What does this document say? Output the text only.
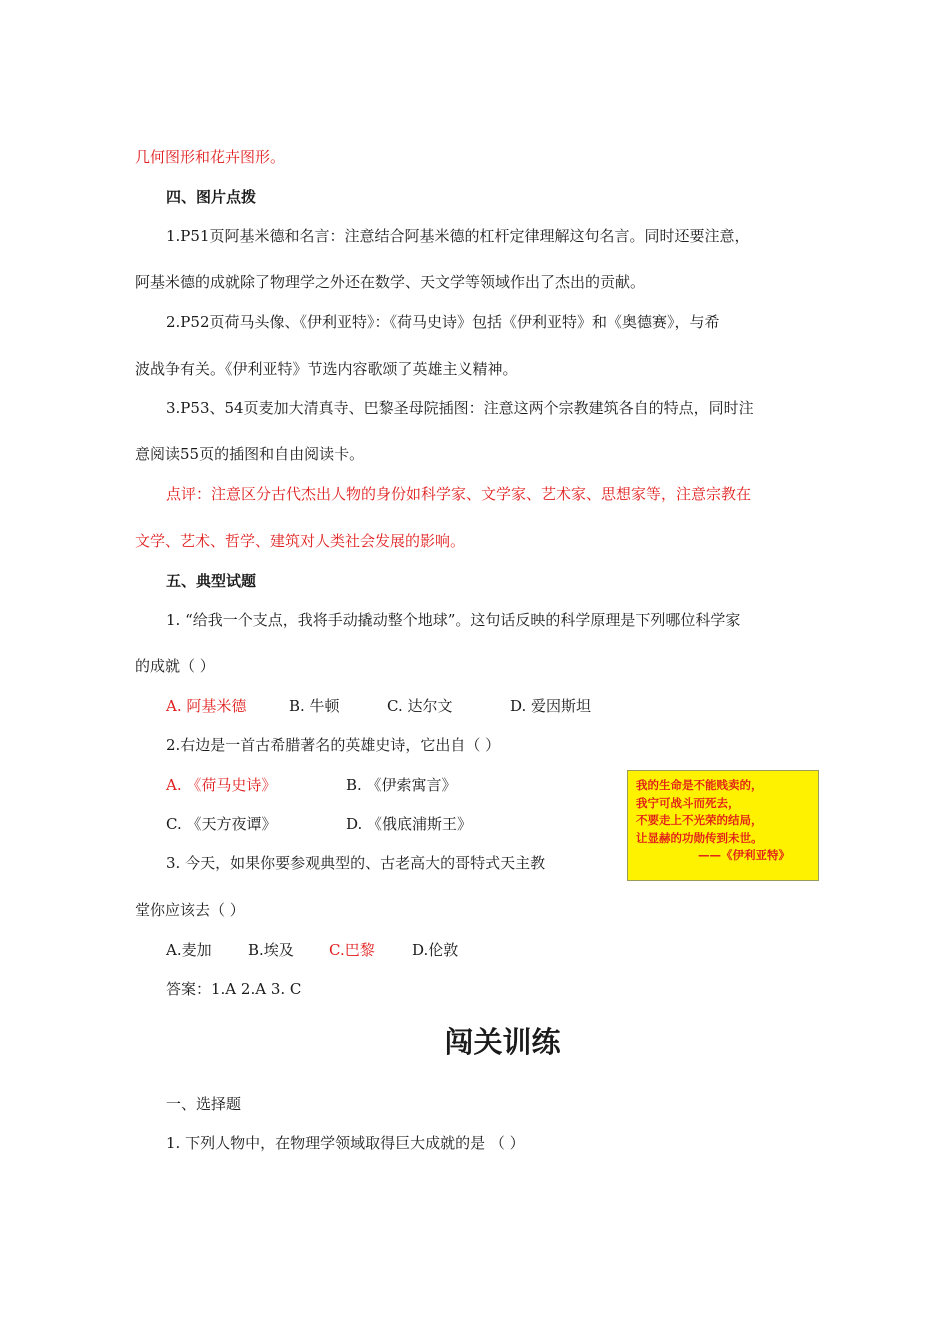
几何图形和花卉图形。
四、图片点拨
1.P51页阿基米德和名言：注意结合阿基米德的杠杆定律理解这句名言。同时还要注意，
阿基米德的成就除了物理学之外还在数学、天文学等领域作出了杰出的贡献。
2.P52页荷马头像、《伊利亚特》：《荷马史诗》包括《伊利亚特》和《奥德赛》，与希
波战争有关。《伊利亚特》节选内容歌颂了英雄主义精神。
3.P53、54页麦加大清真寺、巴黎圣母院插图：注意这两个宗教建筑各自的特点，同时注
意阅读55页的插图和自由阅读卡。
点评：注意区分古代杰出人物的身份如科学家、文学家、艺术家、思想家等，注意宗教在
文学、艺术、哲学、建筑对人类社会发展的影响。
五、典型试题
1. “给我一个支点，我将手动撬动整个地球”。这句话反映的科学原理是下列哪位科学家
的成就（ ）
A. 阿基米德	B. 牛顿	C. 达尔文	D. 爱因斯坦
2.右边是一首古希腊著名的英雄史诗，它出自（ ）
A. 《荷马史诗》	B. 《伊索寓言》
C. 《天方夜谭》	D. 《俄底浦斯王》
3. 今天，如果你要参观典型的、古老高大的哥特式天主教
堂你应该去（ ）
A.麦加 B.埃及 C.巴黎 D.伦敦
答案：1.A 2.A 3. C
我的生命是不能贱卖的，
我宁可战斗而死去，
不要走上不光荣的结局，
让显赫的功勋传到未世。
——《伊利亚特》
闯关训练
一、选择题
1. 下列人物中，在物理学领域取得巨大成就的是 （ ）
